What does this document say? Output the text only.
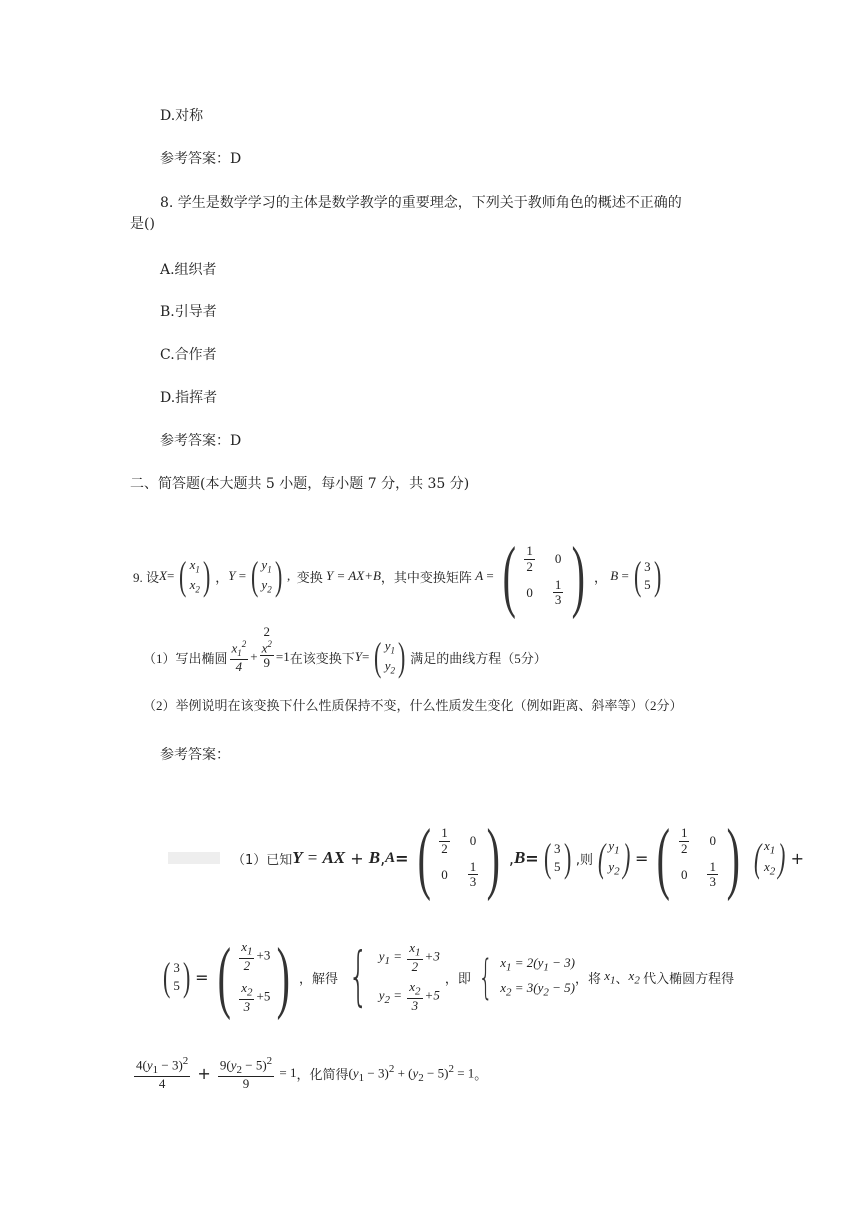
D.对称
参考答案：D
8. 学生是数学学习的主体是数学教学的重要理念，下列关于教师角色的概述不正确的
是()
A.组织者
B.引导者
C.合作者
D.指挥者
参考答案：D
二、简答题(本大题共 5 小题，每小题 7 分，共 35 分)
9. 设 X = ( $x_1$
$x_2$ ) ， Y = ( $y_1$
$y_2$ ) , 变换
Y = AX+B ，其中变换矩阵
A = ( $\frac{1}{2} 0$
$0 \frac{1}{3}$ ) ， B = ( 3
5 )
（1）写出椭圆 $\frac{x_1^2}{4}$ +
2
$x^2$
9 =1 在该变换下 Y = ( $y_1$
$y_2$ ) 满足的曲线方程（5分）
（2）举例说明在该变换下什么性质保持不变，什么性质发生变化（例如距离、斜率等）（2分）
参考答案：
（1）已知 Y
=
AX + B , A = ( $\frac{1}{2} 0$
$0 \frac{1}{3}$ ) , B = ( 3
5 ) ,则 ( $y_1$
$y_2$ ) = ( $\frac{1}{2} 0$
$0 \frac{1}{3}$ ) ( $x_1$
$x_2$ ) +
( 3
5 ) = ( $\frac{x_1}{2} +3$
$\frac{x_2}{3} +5$ ) ，解得 { $y_1 = \frac{x_1}{2} +3$
$y_2 = \frac{x_2}{3} +5$

，即 { $x_1 = 2(y_1 - 3)$
$x_2 = 3(y_2 - 5)$
，将 $x_1$ 、 $x_2$ 代入椭圆方程得
$\frac{4(y_1 - 3)^2}{4} + \frac{9(y_2 - 5)^2}{9} = 1$ ，化简得 $(y_1 - 3)^2 + (y_2 - 5)^2 = 1$ 。
